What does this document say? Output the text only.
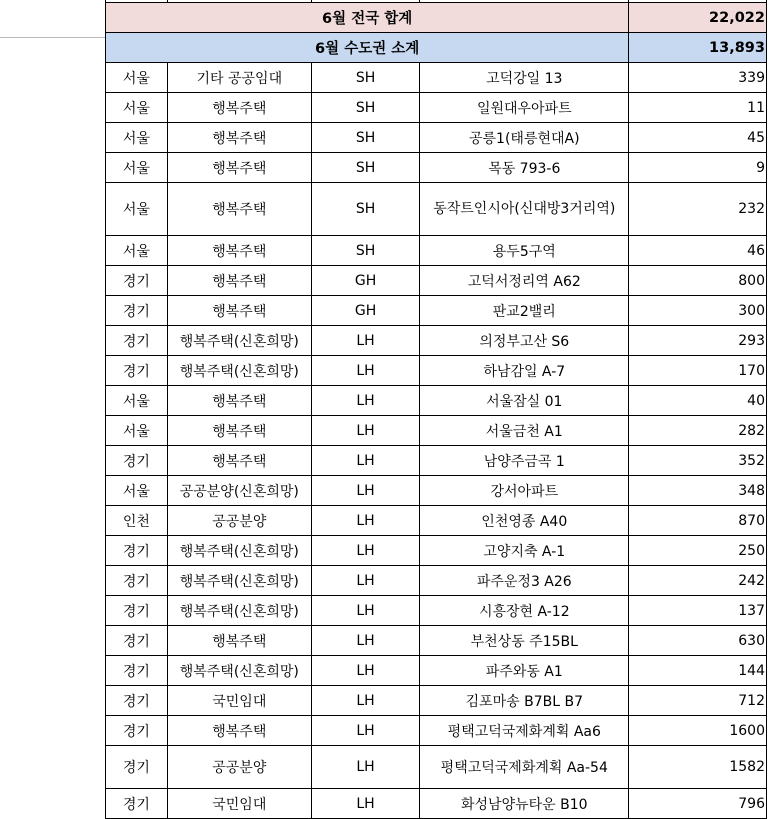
6월 전국 합계				22,022
6월 수도권 소계				13,893
서울	기타 공공임대	SH	고덕강일 13	339
서울	행복주택	SH	일원대우아파트	11
서울	행복주택	SH	공릉1(태릉현대A)	45
서울	행복주택	SH	목동 793-6	9
서울	행복주택	SH	동작트인시아(신대방3거리역)	232
서울	행복주택	SH	용두5구역	46
경기	행복주택	GH	고덕서정리역 A62	800
경기	행복주택	GH	판교2밸리	300
경기	행복주택(신혼희망)	LH	의정부고산 S6	293
경기	행복주택(신혼희망)	LH	하남감일 A-7	170
서울	행복주택	LH	서울잠실 01	40
서울	행복주택	LH	서울금천 A1	282
경기	행복주택	LH	남양주금곡 1	352
서울	공공분양(신혼희망)	LH	강서아파트	348
인천	공공분양	LH	인천영종 A40	870
경기	행복주택(신혼희망)	LH	고양지축 A-1	250
경기	행복주택(신혼희망)	LH	파주운정3 A26	242
경기	행복주택(신혼희망)	LH	시흥장현 A-12	137
경기	행복주택	LH	부천상동 주15BL	630
경기	행복주택(신혼희망)	LH	파주와동 A1	144
경기	국민임대	LH	김포마송 B7BL B7	712
경기	행복주택	LH	평택고덕국제화계획 Aa6	1600
경기	공공분양	LH	평택고덕국제화계획 Aa-54	1582
경기	국민임대	LH	화성남양뉴타운 B10	796
